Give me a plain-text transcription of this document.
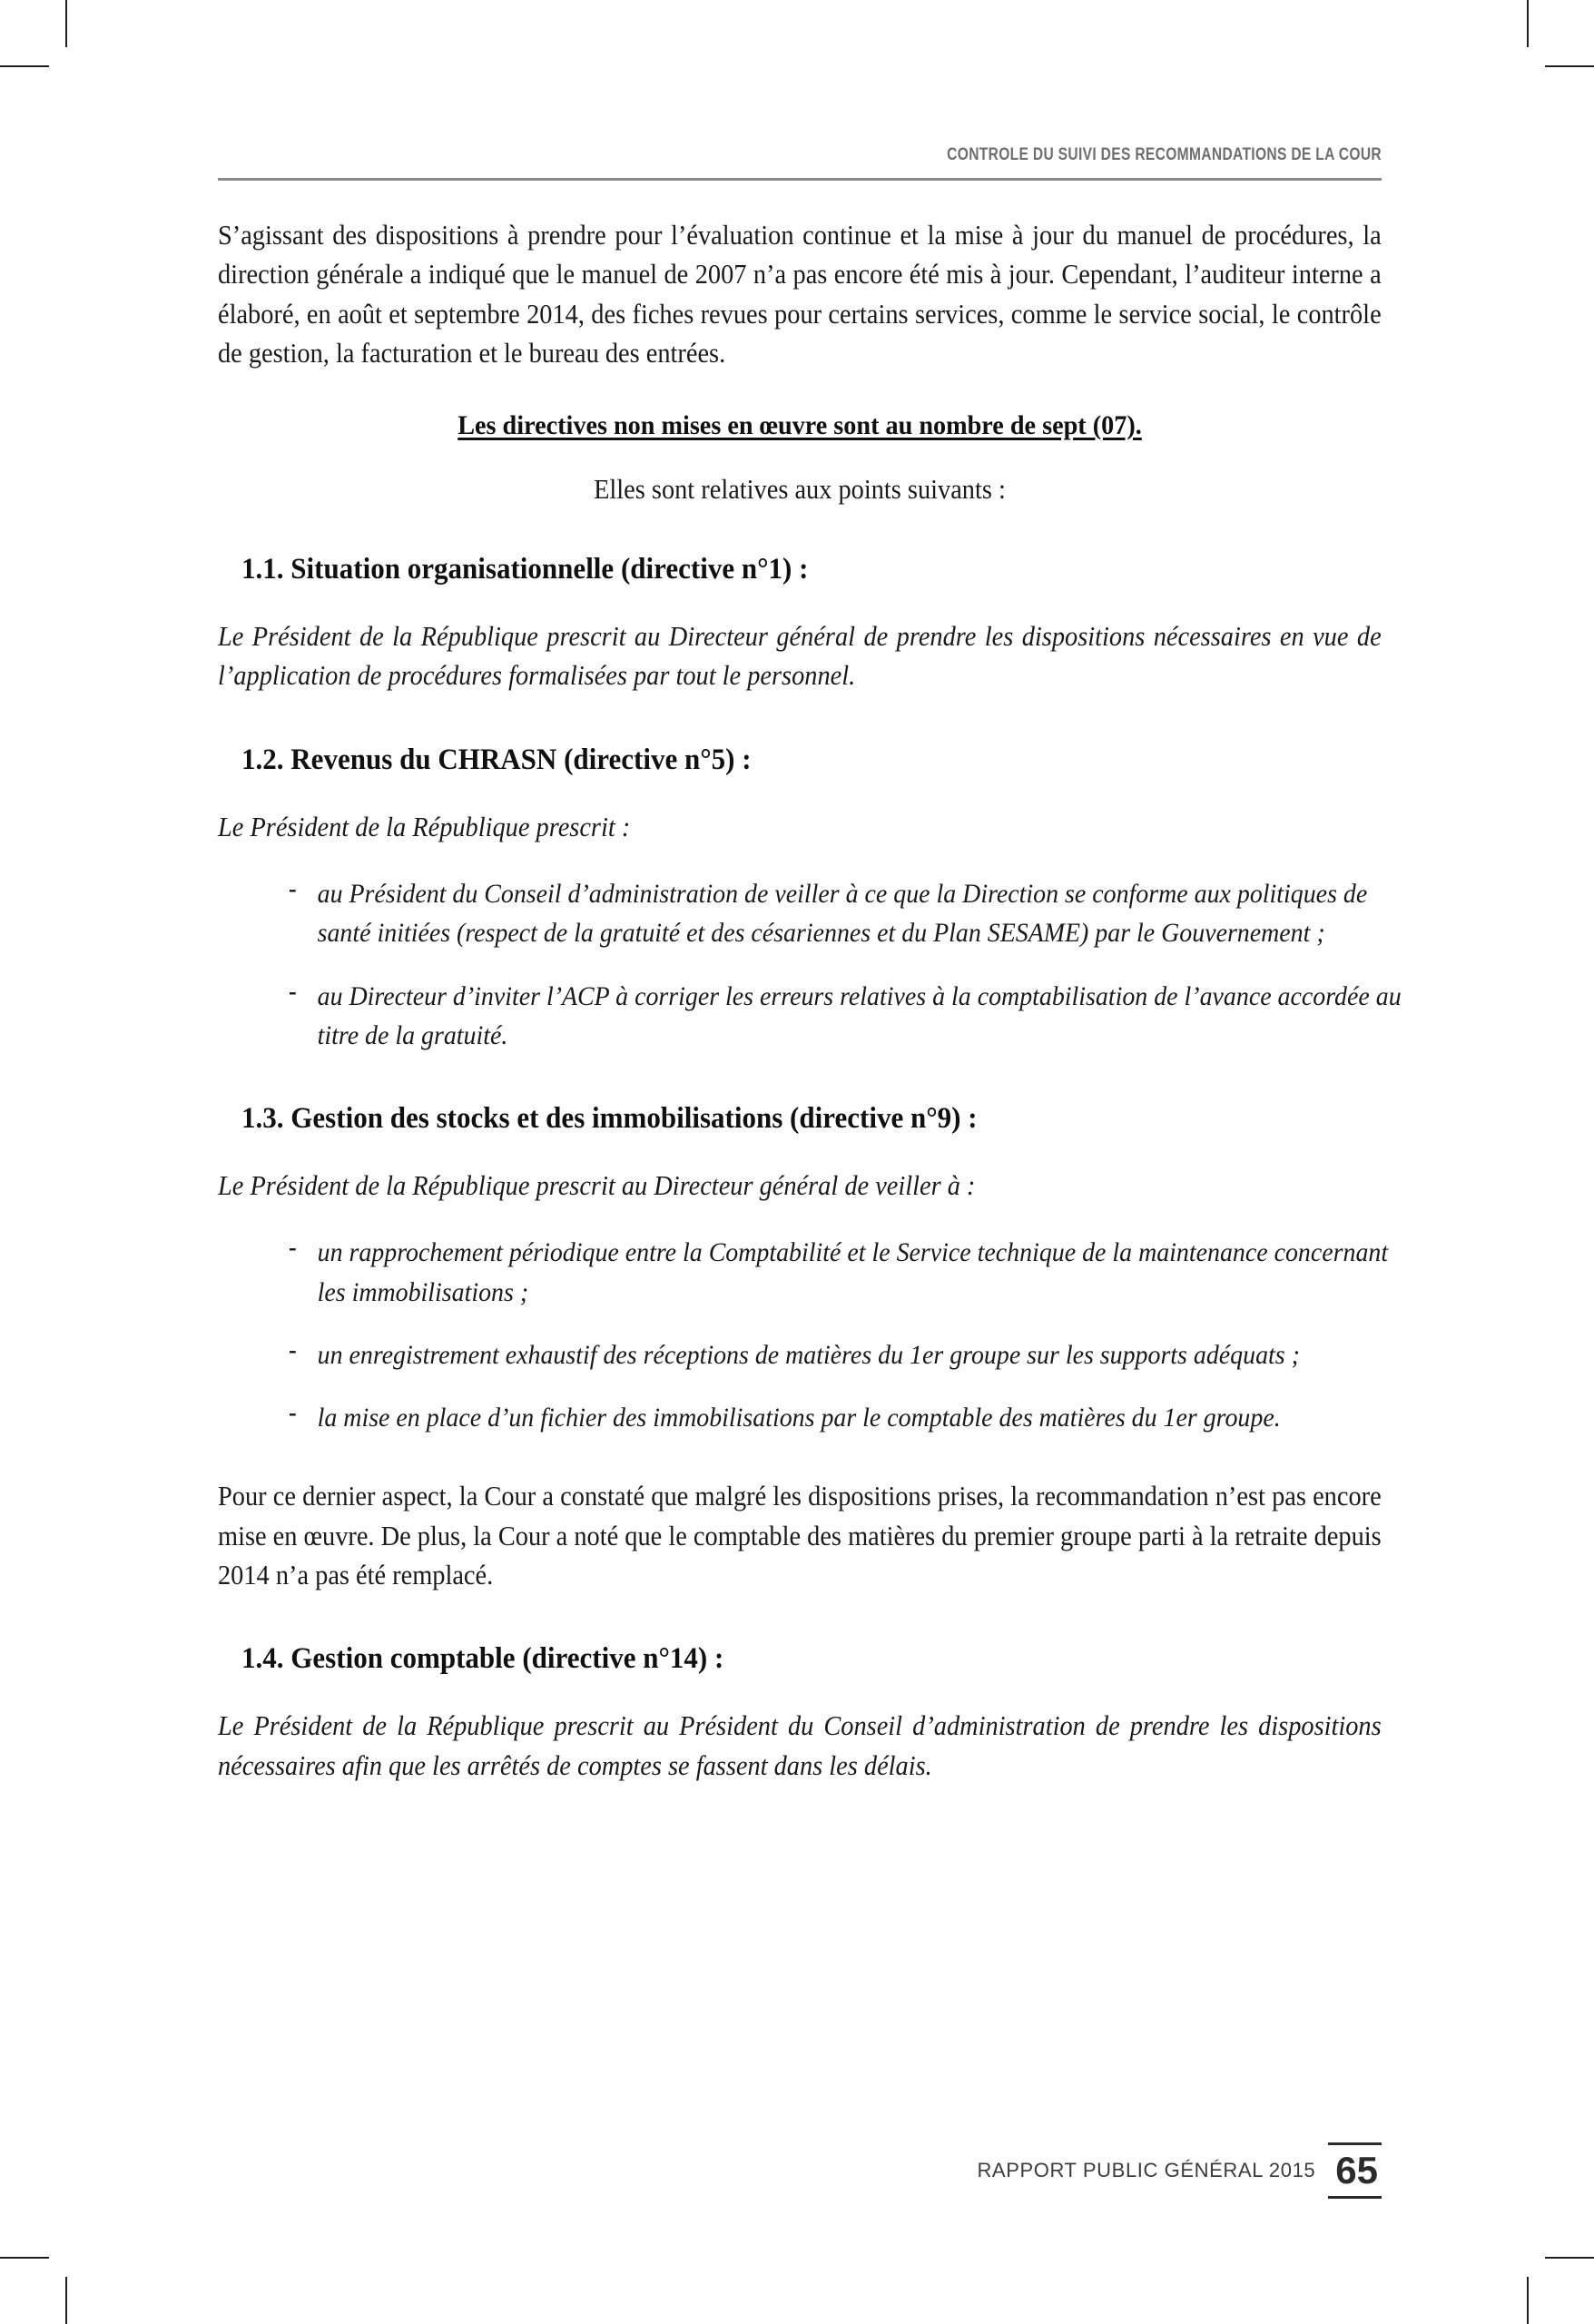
CONTROLE DU SUIVI DES RECOMMANDATIONS DE LA COUR

S’agissant des dispositions à prendre pour l’évaluation continue et la mise à jour du manuel de procédures, la direction générale a indiqué que le manuel de 2007 n’a pas encore été mis à jour. Cependant, l’auditeur interne a élaboré, en août et septembre 2014, des fiches revues pour certains services, comme le service social, le contrôle de gestion, la facturation et le bureau des entrées.

Les directives non mises en œuvre sont au nombre de sept (07).

Elles sont relatives aux points suivants :

1.1. Situation organisationnelle (directive n°1) :

Le Président de la République prescrit au Directeur général de prendre les dispositions nécessaires en vue de l’application de procédures formalisées par tout le personnel.

1.2. Revenus du CHRASN (directive n°5) :

Le Président de la République prescrit :

- au Président du Conseil d’administration de veiller à ce que la Direction se conforme aux politiques de santé initiées (respect de la gratuité et des césariennes et du Plan SESAME) par le Gouvernement ;
- au Directeur d’inviter l’ACP à corriger les erreurs relatives à la comptabilisation de l’avance accordée au titre de la gratuité.
1.3. Gestion des stocks et des immobilisations (directive n°9) :

Le Président de la République prescrit au Directeur général de veiller à :

- un rapprochement périodique entre la Comptabilité et le Service technique de la maintenance concernant les immobilisations ;
- un enregistrement exhaustif des réceptions de matières du 1er groupe sur les supports adéquats ;
- la mise en place d’un fichier des immobilisations par le comptable des matières du 1er groupe.

Pour ce dernier aspect, la Cour a constaté que malgré les dispositions prises, la recommandation n’est pas encore mise en œuvre. De plus, la Cour a noté que le comptable des matières du premier groupe parti à la retraite depuis 2014 n’a pas été remplacé.

1.4. Gestion comptable (directive n°14) :

Le Président de la République prescrit au Président du Conseil d’administration de prendre les dispositions nécessaires afin que les arrêtés de comptes se fassent dans les délais.

RAPPORT PUBLIC GÉNÉRAL 2015 65
